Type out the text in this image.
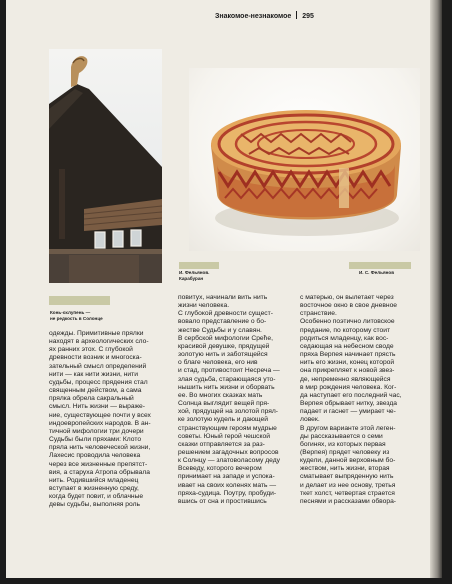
Знакомое-незнакомое 295
Конь-охлупень —
не редкость в Солонце
И. Фельянов.
Карабуран
И. С. Фельянов
одежды. Примитивные прялки
находят в археологических сло-
ях ранних этох. С глубокой
древности возник и многоска-
зательный смысл определений
нити — как нити жизни, нити
судьбы, процесс прядения стал
священным действом, а сама
прялка обрела сакральный
смысл. Нить жизни — выраже-
ние, существующее почти у всех
индоевропейских народов. В ан-
тичной мифологии три дочери
Судьбы были пряхами: Клото
пряла нить человеческой жизни,
Лахесис проводила человека
через все жизненные препятст-
вия, а старуха Атропа обрывала
нить. Родившийся младенец
вступает в жизненную среду,
когда будет повит, и облачные
девы судьбы, выполняя роль
повитух, начинали вить нить
жизни человека.
С глубокой древности сущест-
вовало представление о бо-
жестве Судьбы и у славян.
В сербской мифологии Среће,
красивой девушке, прядущей
золотую нить и заботящейся
о благе человека, его нив
и стад, противостоит Несреча —
злая судьба, старающаяся уто-
нышить нить жизни и оборвать
ее. Во многих сказках мать
Солнца выглядит вещей пря-
хой, прядущей на золотой прял-
ке золотую кудель и дающей
странствующим героям мудрые
советы. Юный герой чешской
сказки отправляется за раз-
решением загадочных вопросов
к Солнцу — златоволасому деду
Всеведу, которого вечером
принимает на западе и успока-
ивает на своих коленях мать —
пряха-судица. Поутру, пробуди-
вшись от сна и простившись
с матерью, он вылетает через
восточное окно в свое дневное
странствие.
Особенно поэтично литовское
предание, по которому стоит
родиться младенцу, как вос-
седающая на небесном своде
пряха Верпея начинает прясть
нить его жизни, конец которой
она прикрепляет к новой звез-
де, непременно являющейся
в мир рождения человека. Ког-
да наступает его последний час,
Верпея обрывает нитку, звезда
падает и гаснет — умирает че-
ловек.
В другом варианте этой леген-
ды рассказывается о семи
богинях, из которых первая
(Верпея) прядет человеку из
кудели, данной верховным бо-
жеством, нить жизни, вторая
сматывает выпряденную нить
и делает из нее основу, третья
ткет холст, четвертая страется
песнями и рассказами обвора-
